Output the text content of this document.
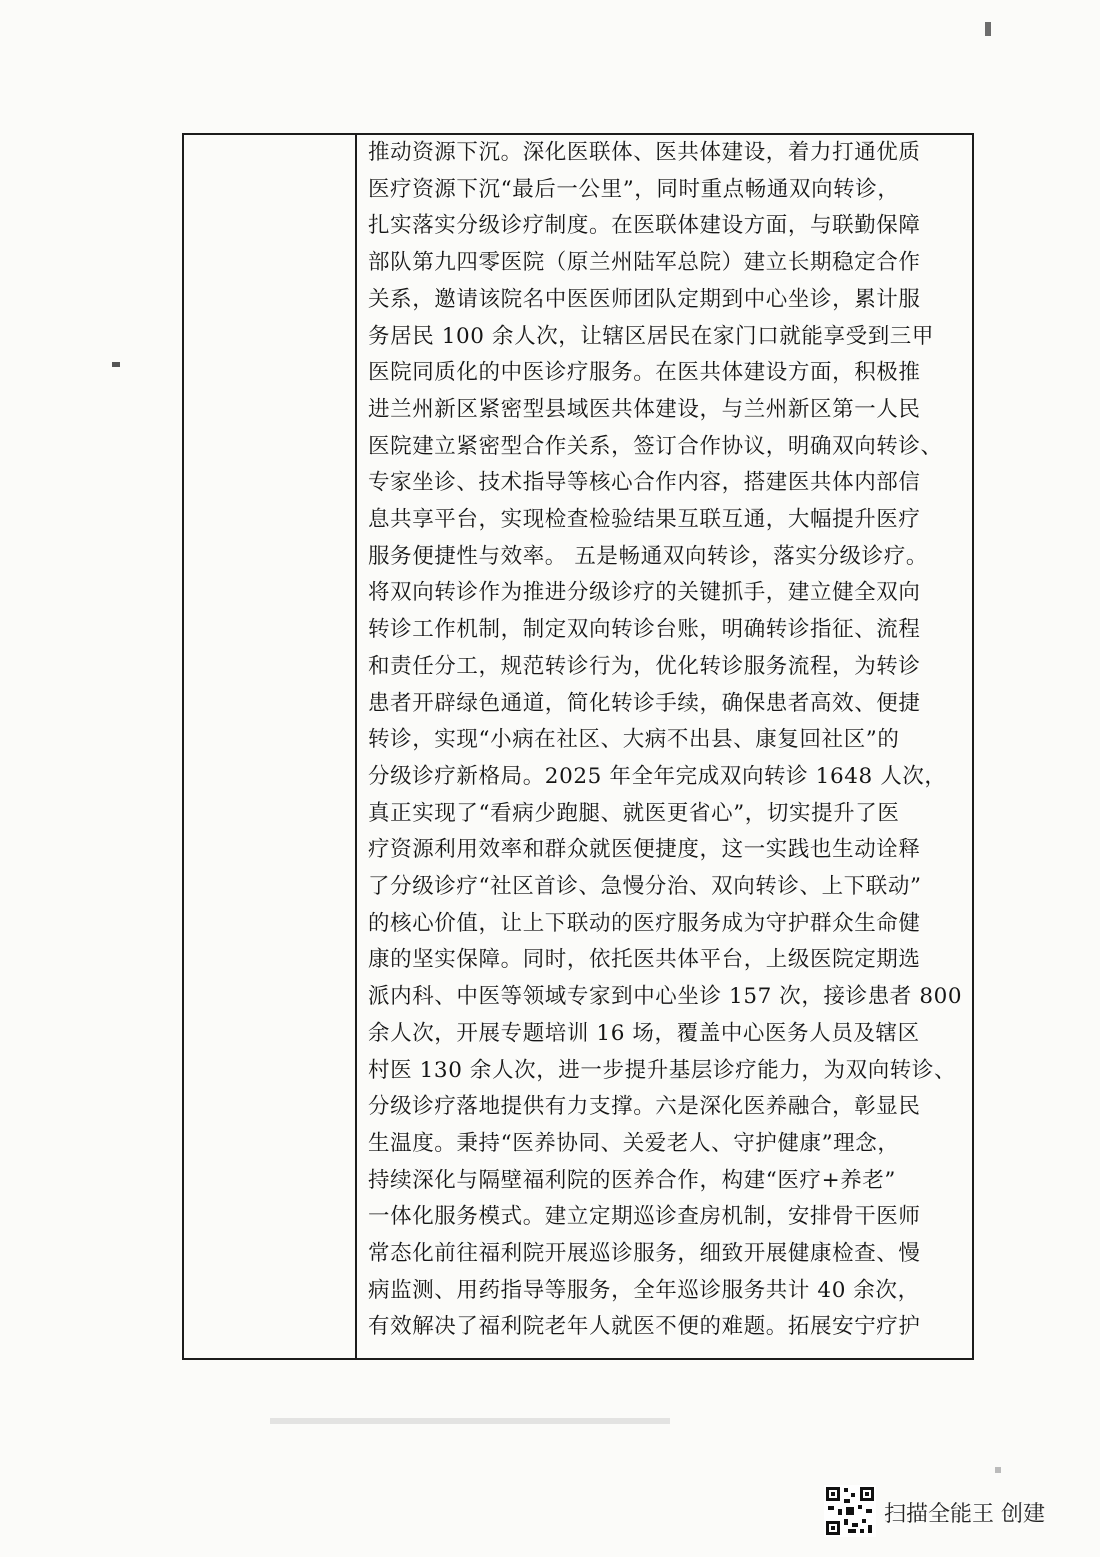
推动资源下沉。深化医联体、医共体建设，着力打通优质
医疗资源下沉“最后一公里”，同时重点畅通双向转诊，
扎实落实分级诊疗制度。在医联体建设方面，与联勤保障
部队第九四零医院（原兰州陆军总院）建立长期稳定合作
关系，邀请该院名中医医师团队定期到中心坐诊，累计服
务居民 100 余人次，让辖区居民在家门口就能享受到三甲
医院同质化的中医诊疗服务。在医共体建设方面，积极推
进兰州新区紧密型县域医共体建设，与兰州新区第一人民
医院建立紧密型合作关系，签订合作协议，明确双向转诊、
专家坐诊、技术指导等核心合作内容，搭建医共体内部信
息共享平台，实现检查检验结果互联互通，大幅提升医疗
服务便捷性与效率。 五是畅通双向转诊，落实分级诊疗。
将双向转诊作为推进分级诊疗的关键抓手，建立健全双向
转诊工作机制，制定双向转诊台账，明确转诊指征、流程
和责任分工，规范转诊行为，优化转诊服务流程，为转诊
患者开辟绿色通道，简化转诊手续，确保患者高效、便捷
转诊，实现“小病在社区、大病不出县、康复回社区”的
分级诊疗新格局。2025 年全年完成双向转诊 1648 人次，
真正实现了“看病少跑腿、就医更省心”，切实提升了医
疗资源利用效率和群众就医便捷度，这一实践也生动诠释
了分级诊疗“社区首诊、急慢分治、双向转诊、上下联动”
的核心价值，让上下联动的医疗服务成为守护群众生命健
康的坚实保障。同时，依托医共体平台，上级医院定期选
派内科、中医等领域专家到中心坐诊 157 次，接诊患者 800
余人次，开展专题培训 16 场，覆盖中心医务人员及辖区
村医 130 余人次，进一步提升基层诊疗能力，为双向转诊、
分级诊疗落地提供有力支撑。六是深化医养融合，彰显民
生温度。秉持“医养协同、关爱老人、守护健康”理念，
持续深化与隔壁福利院的医养合作，构建“医疗+养老”
一体化服务模式。建立定期巡诊查房机制，安排骨干医师
常态化前往福利院开展巡诊服务，细致开展健康检查、慢
病监测、用药指导等服务，全年巡诊服务共计 40 余次，
有效解决了福利院老年人就医不便的难题。拓展安宁疗护
扫描全能王 创建
